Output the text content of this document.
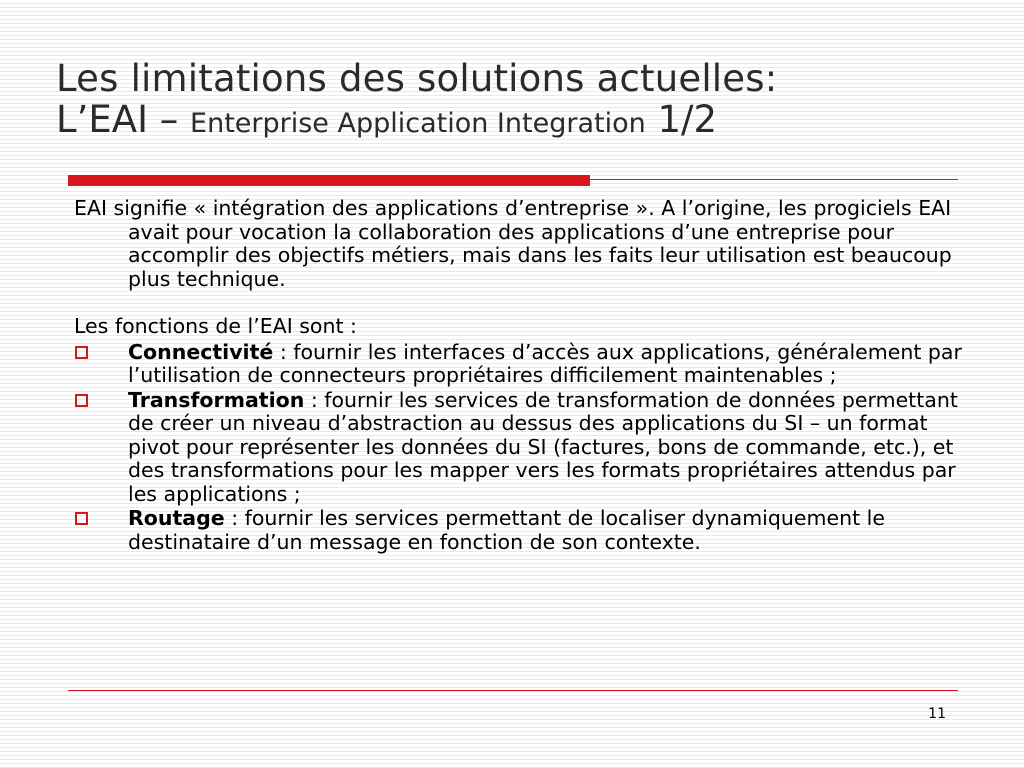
Les limitations des solutions actuelles:
L’EAI – Enterprise Application Integration 1/2

EAI signifie « intégration des applications d’entreprise ». A l’origine, les progiciels EAI avait pour vocation la collaboration des applications d’une entreprise pour accomplir des objectifs métiers, mais dans les faits leur utilisation est beaucoup plus technique.

Les fonctions de l’EAI sont :

Connectivité : fournir les interfaces d’accès aux applications, généralement par l’utilisation de connecteurs propriétaires difficilement maintenables ;
Transformation : fournir les services de transformation de données permettant de créer un niveau d’abstraction au dessus des applications du SI – un format pivot pour représenter les données du SI (factures, bons de commande, etc.), et des transformations pour les mapper vers les formats propriétaires attendus par les applications ;
Routage : fournir les services permettant de localiser dynamiquement le destinataire d’un message en fonction de son contexte.
11
